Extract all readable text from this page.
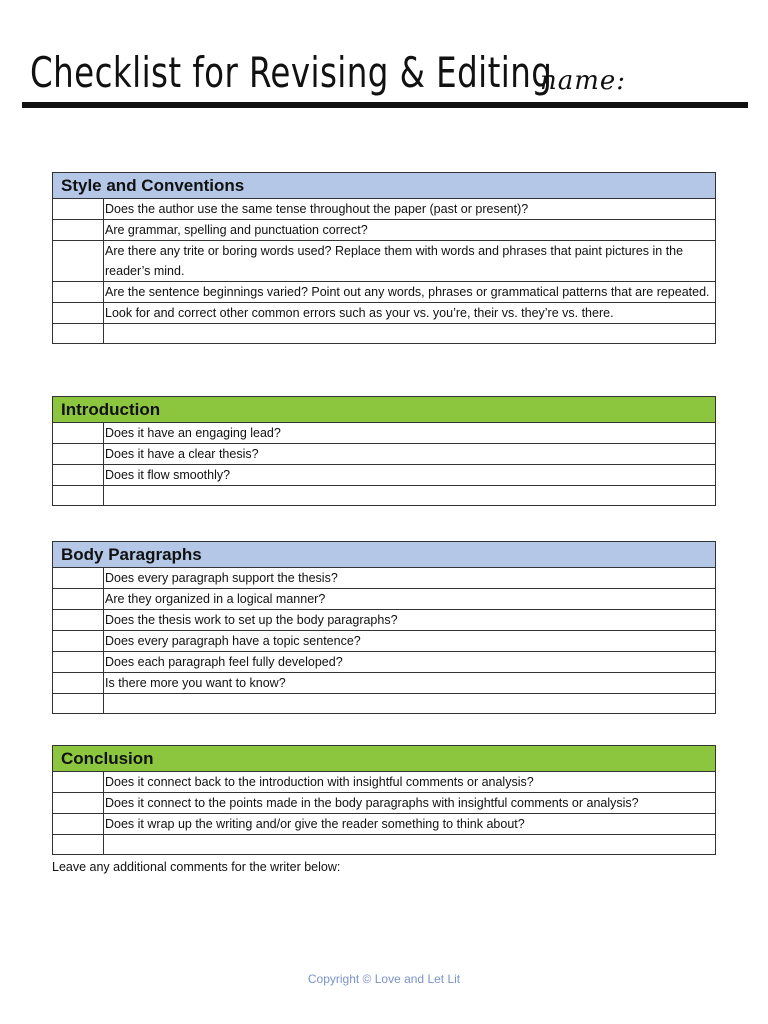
Checklist for Revising & Editing
name:
Style and Conventions
Does the author use the same tense throughout the paper (past or present)?
Are grammar, spelling and punctuation correct?
Are there any trite or boring words used? Replace them with words and phrases that paint pictures in the reader’s mind.
Are the sentence beginnings varied? Point out any words, phrases or grammatical patterns that are repeated.
Look for and correct other common errors such as your vs. you’re, their vs. they’re vs. there.
Introduction
Does it have an engaging lead?
Does it have a clear thesis?
Does it flow smoothly?
Body Paragraphs
Does every paragraph support the thesis?
Are they organized in a logical manner?
Does the thesis work to set up the body paragraphs?
Does every paragraph have a topic sentence?
Does each paragraph feel fully developed?
Is there more you want to know?
Conclusion
Does it connect back to the introduction with insightful comments or analysis?
Does it connect to the points made in the body paragraphs with insightful comments or analysis?
Does it wrap up the writing and/or give the reader something to think about?
Leave any additional comments for the writer below:
Copyright © Love and Let Lit
